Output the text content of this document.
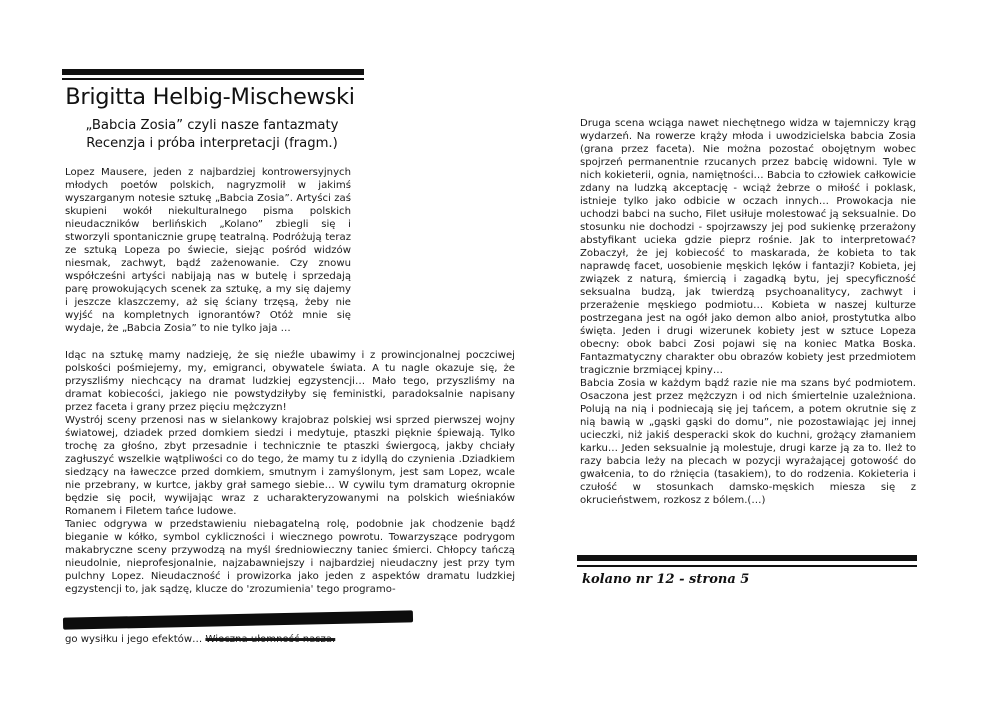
Brigitta Helbig-Mischewski
„Babcia Zosia” czyli nasze fantazmaty
Recenzja i próba interpretacji (fragm.)

Lopez Mausere, jeden z najbardziej kontrowersyjnych młodych poetów polskich, nagryzmolił w jakimś wyszarganym notesie sztukę „Babcia Zosia”. Artyści zaś skupieni wokół niekulturalnego pisma polskich nieudaczników berlińskich „Kolano” zbiegli się i stworzyli spontanicznie grupę teatralną. Podróżują teraz ze sztuką Lopeza po świecie, siejąc pośród widzów niesmak, zachwyt, bądź zażenowanie. Czy znowu współcześni artyści nabijają nas w butelę i sprzedają parę prowokujących scenek za sztukę, a my się dajemy i jeszcze klaszczemy, aż się ściany trzęsą, żeby nie wyjść na kompletnych ignorantów? Otóż mnie się wydaje, że „Babcia Zosia” to nie tylko jaja …

Idąc na sztukę mamy nadzieję, że się nieźle ubawimy i z prowincjonalnej poczciwej polskości pośmiejemy, my, emigranci, obywatele świata. A tu nagle okazuje się, że przyszliśmy niechcący na dramat ludzkiej egzystencji… Mało tego, przyszliśmy na dramat kobiecości, jakiego nie powstydziłyby się feministki, paradoksalnie napisany przez faceta i grany przez pięciu mężczyzn!

Wystrój sceny przenosi nas w sielankowy krajobraz polskiej wsi sprzed pierwszej wojny światowej, dziadek przed domkiem siedzi i medytuje, ptaszki pięknie śpiewają. Tylko trochę za głośno, zbyt przesadnie i technicznie te ptaszki świergocą, jakby chciały zagłuszyć wszelkie wątpliwości co do tego, że mamy tu z idyllą do czynienia .Dziadkiem siedzący na ławeczce przed domkiem, smutnym i zamyślonym, jest sam Lopez, wcale nie przebrany, w kurtce, jakby grał samego siebie… W cywilu tym dramaturg okropnie będzie się pocił, wywijając wraz z ucharakteryzowanymi na polskich wieśniaków Romanem i Filetem tańce ludowe.

Taniec odgrywa w przedstawieniu niebagatelną rolę, podobnie jak chodzenie bądź bieganie w kółko, symbol cykliczności i wiecznego powrotu. Towarzyszące podrygom makabryczne sceny przywodzą na myśl średniowieczny taniec śmierci. Chłopcy tańczą nieudolnie, nieprofesjonalnie, najzabawniejszy i najbardziej nieudaczny jest przy tym pulchny Lopez. Nieudaczność i prowizorka jako jeden z aspektów dramatu ludzkiej egzystencji to, jak sądzę, klucze do 'zrozumienia' tego programo-

go wysiłku i jego efektów… Wieczna ułomność nasza.

Druga scena wciąga nawet niechętnego widza w tajemniczy krąg wydarzeń. Na rowerze krąży młoda i uwodzicielska babcia Zosia (grana przez faceta). Nie można pozostać obojętnym wobec spojrzeń permanentnie rzucanych przez babcię widowni. Tyle w nich kokieterii, ognia, namiętności… Babcia to człowiek całkowicie zdany na ludzką akceptację - wciąż żebrze o miłość i poklask, istnieje tylko jako odbicie w oczach innych… Prowokacja nie uchodzi babci na sucho, Filet usiłuje molestować ją seksualnie. Do stosunku nie dochodzi - spojrzawszy jej pod sukienkę przerażony abstyfikant ucieka gdzie pieprz rośnie. Jak to interpretować? Zobaczył, że jej kobiecość to maskarada, że kobieta to tak naprawdę facet, uosobienie męskich lęków i fantazji? Kobieta, jej związek z naturą, śmiercią i zagadką bytu, jej specyficzność seksualna budzą, jak twierdzą psychoanalitycy, zachwyt i przerażenie męskiego podmiotu… Kobieta w naszej kulturze postrzegana jest na ogół jako demon albo anioł, prostytutka albo święta. Jeden i drugi wizerunek kobiety jest w sztuce Lopeza obecny: obok babci Zosi pojawi się na koniec Matka Boska. Fantazmatyczny charakter obu obrazów kobiety jest przedmiotem tragicznie brzmiącej kpiny…

Babcia Zosia w każdym bądź razie nie ma szans być podmiotem. Osaczona jest przez mężczyzn i od nich śmiertelnie uzależniona. Polują na nią i podniecają się jej tańcem, a potem okrutnie się z nią bawią w „gąski gąski do domu”, nie pozostawiając jej innej ucieczki, niż jakiś desperacki skok do kuchni, grożący złamaniem karku… Jeden seksualnie ją molestuje, drugi karze ją za to. Ileż to razy babcia leży na plecach w pozycji wyrażającej gotowość do gwałcenia, to do rżnięcia (tasakiem), to do rodzenia. Kokieteria i czułość w stosunkach damsko-męskich miesza się z okrucieństwem, rozkosz z bólem.(…)

kolano nr 12 - strona 5
